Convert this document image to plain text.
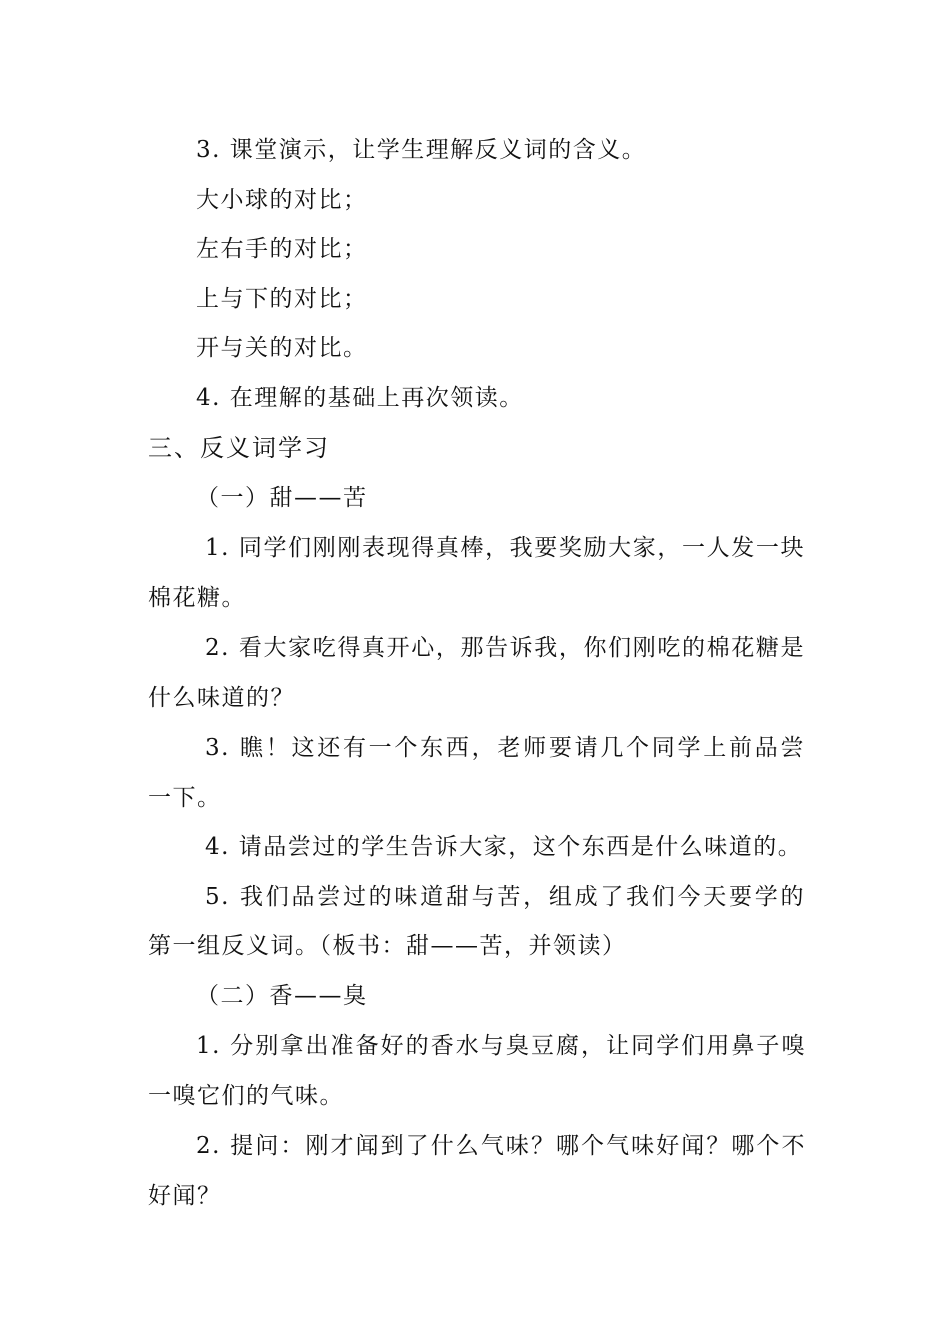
3. 课堂演示，让学生理解反义词的含义。
大小球的对比；
左右手的对比；
上与下的对比；
开与关的对比。
4. 在理解的基础上再次领读。
三、反义词学习
（一）甜——苦
1. 同学们刚刚表现得真棒，我要奖励大家，一人发一块
棉花糖。
2. 看大家吃得真开心，那告诉我，你们刚吃的棉花糖是
什么味道的？
3. 瞧！这还有一个东西，老师要请几个同学上前品尝
一下。
4. 请品尝过的学生告诉大家，这个东西是什么味道的。
5. 我们品尝过的味道甜与苦，组成了我们今天要学的
第一组反义词。（板书：甜——苦，并领读）
（二）香——臭
1. 分别拿出准备好的香水与臭豆腐，让同学们用鼻子嗅
一嗅它们的气味。
2. 提问：刚才闻到了什么气味？哪个气味好闻？哪个不
好闻？
